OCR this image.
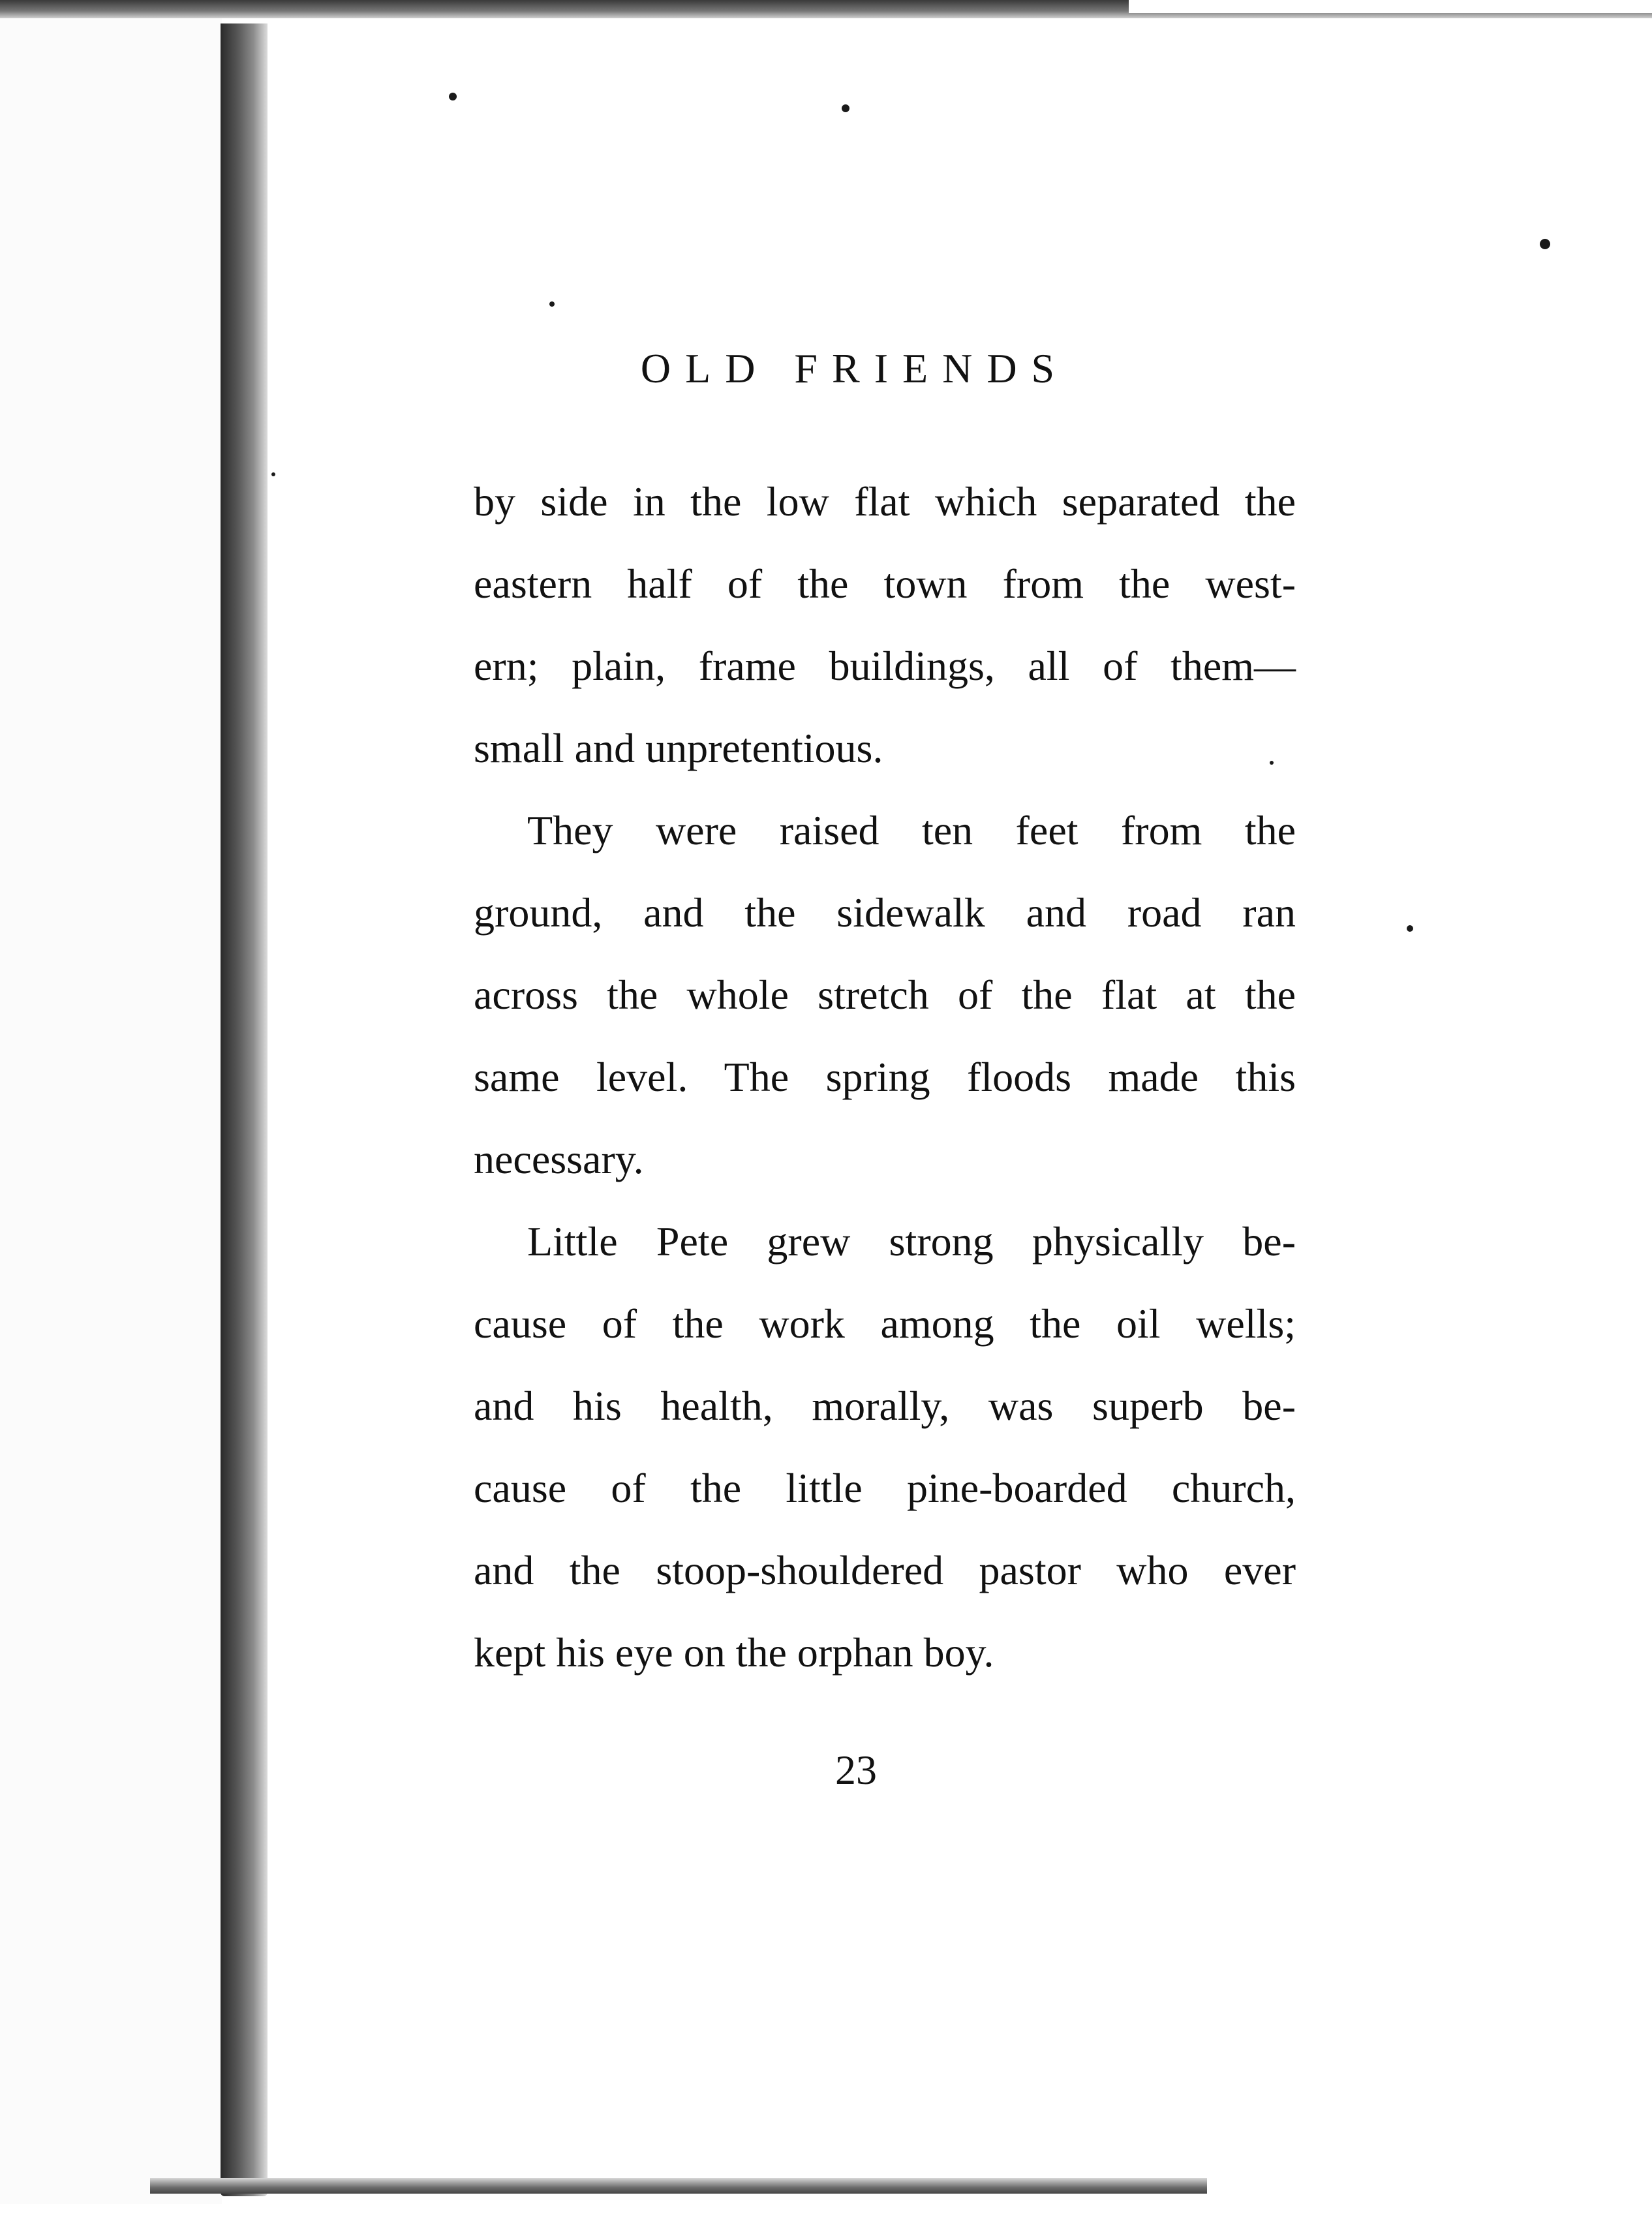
OLD FRIENDS
by side in the low flat which separated the
eastern half of the town from the west-
ern; plain, frame buildings, all of them—
small and unpretentious.
They were raised ten feet from the
ground, and the sidewalk and road ran
across the whole stretch of the flat at the
same level. The spring floods made this
necessary.
Little Pete grew strong physically be-
cause of the work among the oil wells;
and his health, morally, was superb be-
cause of the little pine-boarded church,
and the stoop-shouldered pastor who ever
kept his eye on the orphan boy.
23
